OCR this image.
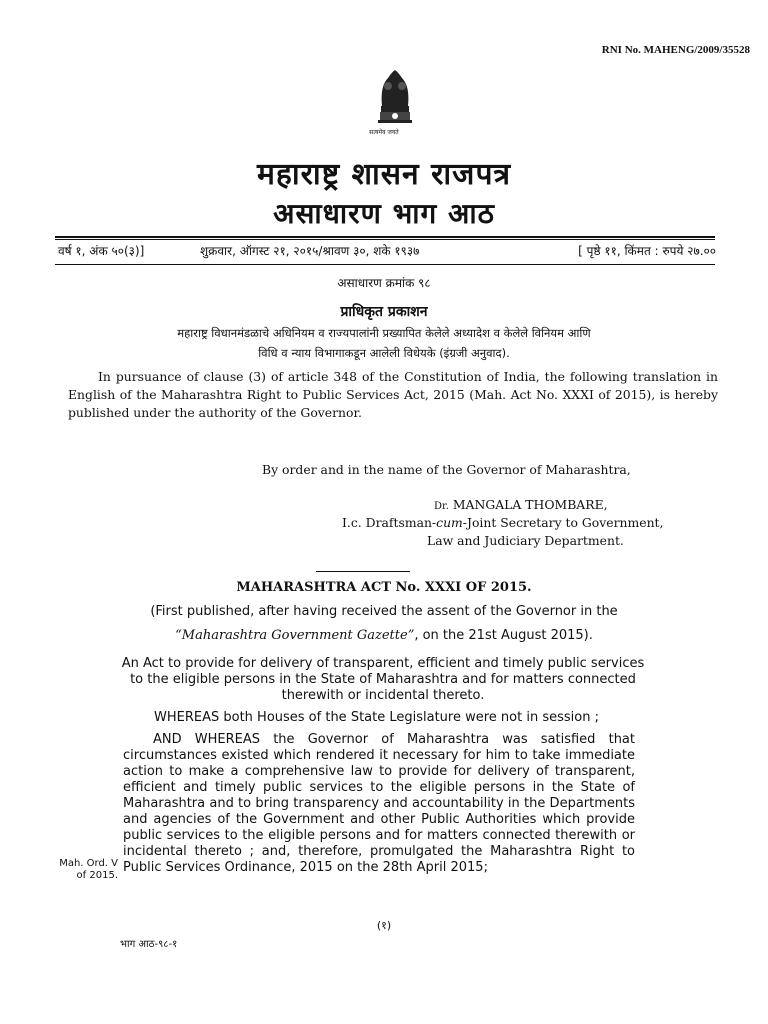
RNI No. MAHENG/2009/35528
सत्यमेव जयते
महाराष्ट्र शासन राजपत्र
असाधारण भाग आठ
वर्ष १, अंक ५०(३)]	शुक्रवार, ऑगस्ट २१, २०१५/श्रावण ३०, शके १९३७	[ पृष्ठे ११, किंमत : रुपये २७.००
असाधारण क्रमांक ९८
प्राधिकृत प्रकाशन
महाराष्ट्र विधानमंडळाचे अधिनियम व राज्यपालांनी प्रख्यापित केलेले अध्यादेश व केलेले विनियम आणि
विधि व न्याय विभागाकडून आलेली विधेयके (इंग्रजी अनुवाद).
In pursuance of clause (3) of article 348 of the Constitution of India, the following translation in English of the Maharashtra Right to Public Services Act, 2015 (Mah. Act No. XXXI of 2015), is hereby published under the authority of the Governor.
By order and in the name of the Governor of Maharashtra,
Dr. MANGALA THOMBARE,
I.c. Draftsman-cum-Joint Secretary to Government,
Law and Judiciary Department.
MAHARASHTRA ACT No. XXXI OF 2015.
(First published, after having received the assent of the Governor in the
“Maharashtra Government Gazette”, on the 21st August 2015).
An Act to provide for delivery of transparent, efficient and timely public services to the eligible persons in the State of Maharashtra and for matters connected therewith or incidental thereto.
WHEREAS both Houses of the State Legislature were not in session ;
AND WHEREAS the Governor of Maharashtra was satisfied that circumstances existed which rendered it necessary for him to take immediate action to make a comprehensive law to provide for delivery of transparent, efficient and timely public services to the eligible persons in the State of Maharashtra and to bring transparency and accountability in the Departments and agencies of the Government and other Public Authorities which provide public services to the eligible persons and for matters connected therewith or incidental thereto ; and, therefore, promulgated the Maharashtra Right to Public Services Ordinance, 2015 on the 28th April 2015;
Mah. Ord. V of 2015.
(१)
भाग आठ-९८-१
